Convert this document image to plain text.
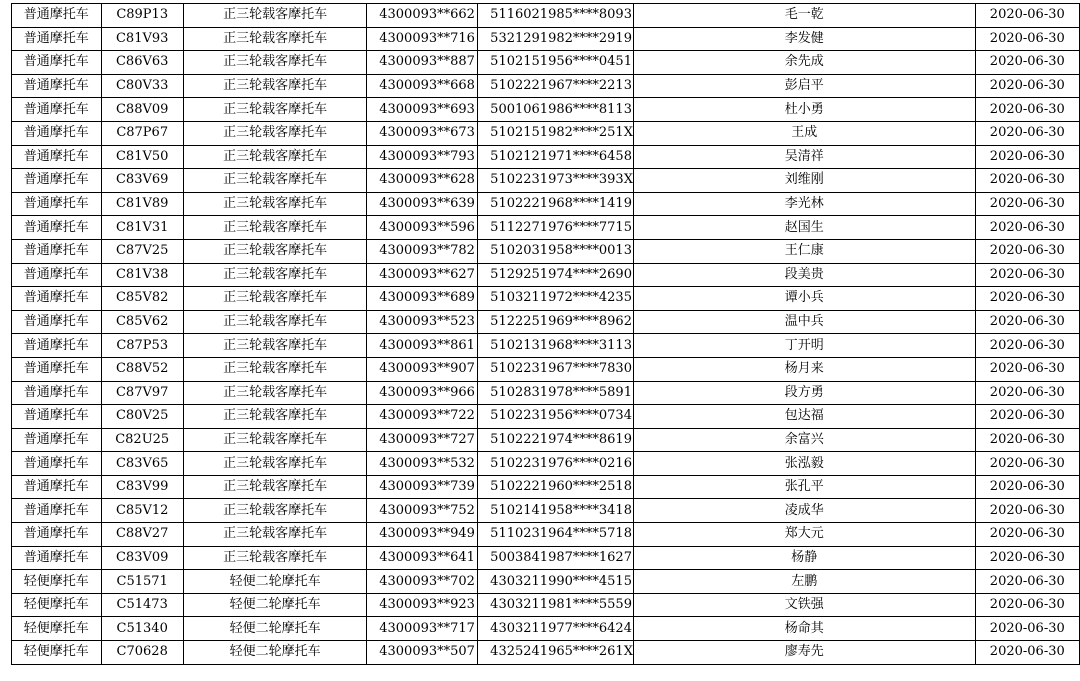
普通摩托车	C89P13	正三轮载客摩托车	4300093**662	5116021985****8093	毛一乾	2020-06-30
普通摩托车	C81V93	正三轮载客摩托车	4300093**716	5321291982****2919	李发健	2020-06-30
普通摩托车	C86V63	正三轮载客摩托车	4300093**887	5102151956****0451	余先成	2020-06-30
普通摩托车	C80V33	正三轮载客摩托车	4300093**668	5102221967****2213	彭启平	2020-06-30
普通摩托车	C88V09	正三轮载客摩托车	4300093**693	5001061986****8113	杜小勇	2020-06-30
普通摩托车	C87P67	正三轮载客摩托车	4300093**673	5102151982****251X	王成	2020-06-30
普通摩托车	C81V50	正三轮载客摩托车	4300093**793	5102121971****6458	吴清祥	2020-06-30
普通摩托车	C83V69	正三轮载客摩托车	4300093**628	5102231973****393X	刘维刚	2020-06-30
普通摩托车	C81V89	正三轮载客摩托车	4300093**639	5102221968****1419	李光林	2020-06-30
普通摩托车	C81V31	正三轮载客摩托车	4300093**596	5112271976****7715	赵国生	2020-06-30
普通摩托车	C87V25	正三轮载客摩托车	4300093**782	5102031958****0013	王仁康	2020-06-30
普通摩托车	C81V38	正三轮载客摩托车	4300093**627	5129251974****2690	段美贵	2020-06-30
普通摩托车	C85V82	正三轮载客摩托车	4300093**689	5103211972****4235	谭小兵	2020-06-30
普通摩托车	C85V62	正三轮载客摩托车	4300093**523	5122251969****8962	温中兵	2020-06-30
普通摩托车	C87P53	正三轮载客摩托车	4300093**861	5102131968****3113	丁开明	2020-06-30
普通摩托车	C88V52	正三轮载客摩托车	4300093**907	5102231967****7830	杨月来	2020-06-30
普通摩托车	C87V97	正三轮载客摩托车	4300093**966	5102831978****5891	段方勇	2020-06-30
普通摩托车	C80V25	正三轮载客摩托车	4300093**722	5102231956****0734	包达福	2020-06-30
普通摩托车	C82U25	正三轮载客摩托车	4300093**727	5102221974****8619	余富兴	2020-06-30
普通摩托车	C83V65	正三轮载客摩托车	4300093**532	5102231976****0216	张泓毅	2020-06-30
普通摩托车	C83V99	正三轮载客摩托车	4300093**739	5102221960****2518	张孔平	2020-06-30
普通摩托车	C85V12	正三轮载客摩托车	4300093**752	5102141958****3418	凌成华	2020-06-30
普通摩托车	C88V27	正三轮载客摩托车	4300093**949	5110231964****5718	郑大元	2020-06-30
普通摩托车	C83V09	正三轮载客摩托车	4300093**641	5003841987****1627	杨静	2020-06-30
轻便摩托车	C51571	轻便二轮摩托车	4300093**702	4303211990****4515	左鹏	2020-06-30
轻便摩托车	C51473	轻便二轮摩托车	4300093**923	4303211981****5559	文铁强	2020-06-30
轻便摩托车	C51340	轻便二轮摩托车	4300093**717	4303211977****6424	杨命其	2020-06-30
轻便摩托车	C70628	轻便二轮摩托车	4300093**507	4325241965****261X	廖寿先	2020-06-30
